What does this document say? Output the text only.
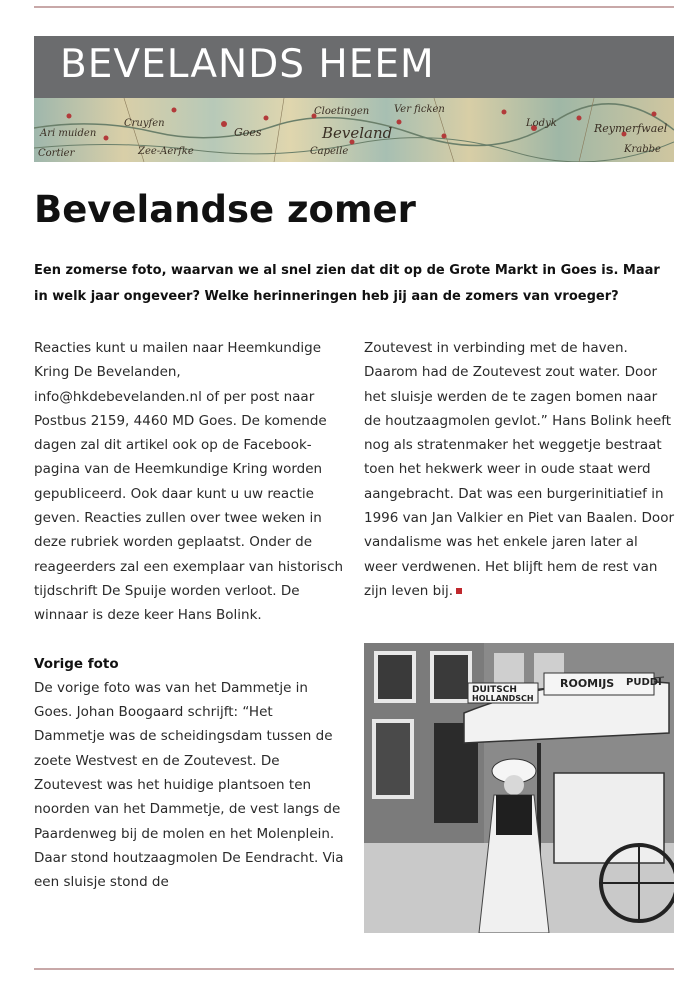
BEVELANDS HEEM
Ari muiden
Cortier
Cruyfen
Zee-Aerfke
Goes
Cloetingen
Beveland
Capelle
Ver ficken
Lodyk	Reymerfwael
Krabbe
Bevelandse zomer
Een zomerse foto, waarvan we al snel zien dat dit op de Grote Markt in Goes is. Maar in welk jaar ongeveer? Welke herinneringen heb jij aan de zomers van vroeger?

Reacties kunt u mailen naar Heemkundige Kring De Bevelanden, info@hkdebevelanden.nl of per post naar Postbus 2159, 4460 MD Goes. De komende dagen zal dit artikel ook op de Facebook-pagina van de Heemkundige Kring worden gepubliceerd. Ook daar kunt u uw reactie geven. Reacties zullen over twee weken in deze rubriek worden geplaatst. Onder de reageerders zal een exemplaar van historisch tijdschrift De Spuije worden verloot. De winnaar is deze keer Hans Bolink.

Vorige foto

De vorige foto was van het Dammetje in Goes. Johan Boogaard schrijft: “Het Dammetje was de scheidingsdam tussen de zoete Westvest en de Zoutevest. De Zoutevest was het huidige plantsoen ten noorden van het Dammetje, de vest langs de Paardenweg bij de molen en het Molenplein. Daar stond houtzaagmolen De Eendracht. Via een sluisje stond de

Zoutevest in verbinding met de haven. Daarom had de Zoutevest zout water. Door het sluisje werden de te zagen bomen naar de houtzaagmolen gevlot.” Hans Bolink heeft nog als stratenmaker het weggetje bestraat toen het hekwerk weer in oude staat werd aangebracht. Dat was een burgerinitiatief in 1996 van Jan Valkier en Piet van Baalen. Door vandalisme was het enkele jaren later al weer verdwenen. Het blijft hem de rest van zijn leven bij.

DUITSCH
HOLLANDSCH
ROOMIJS PUDDI
